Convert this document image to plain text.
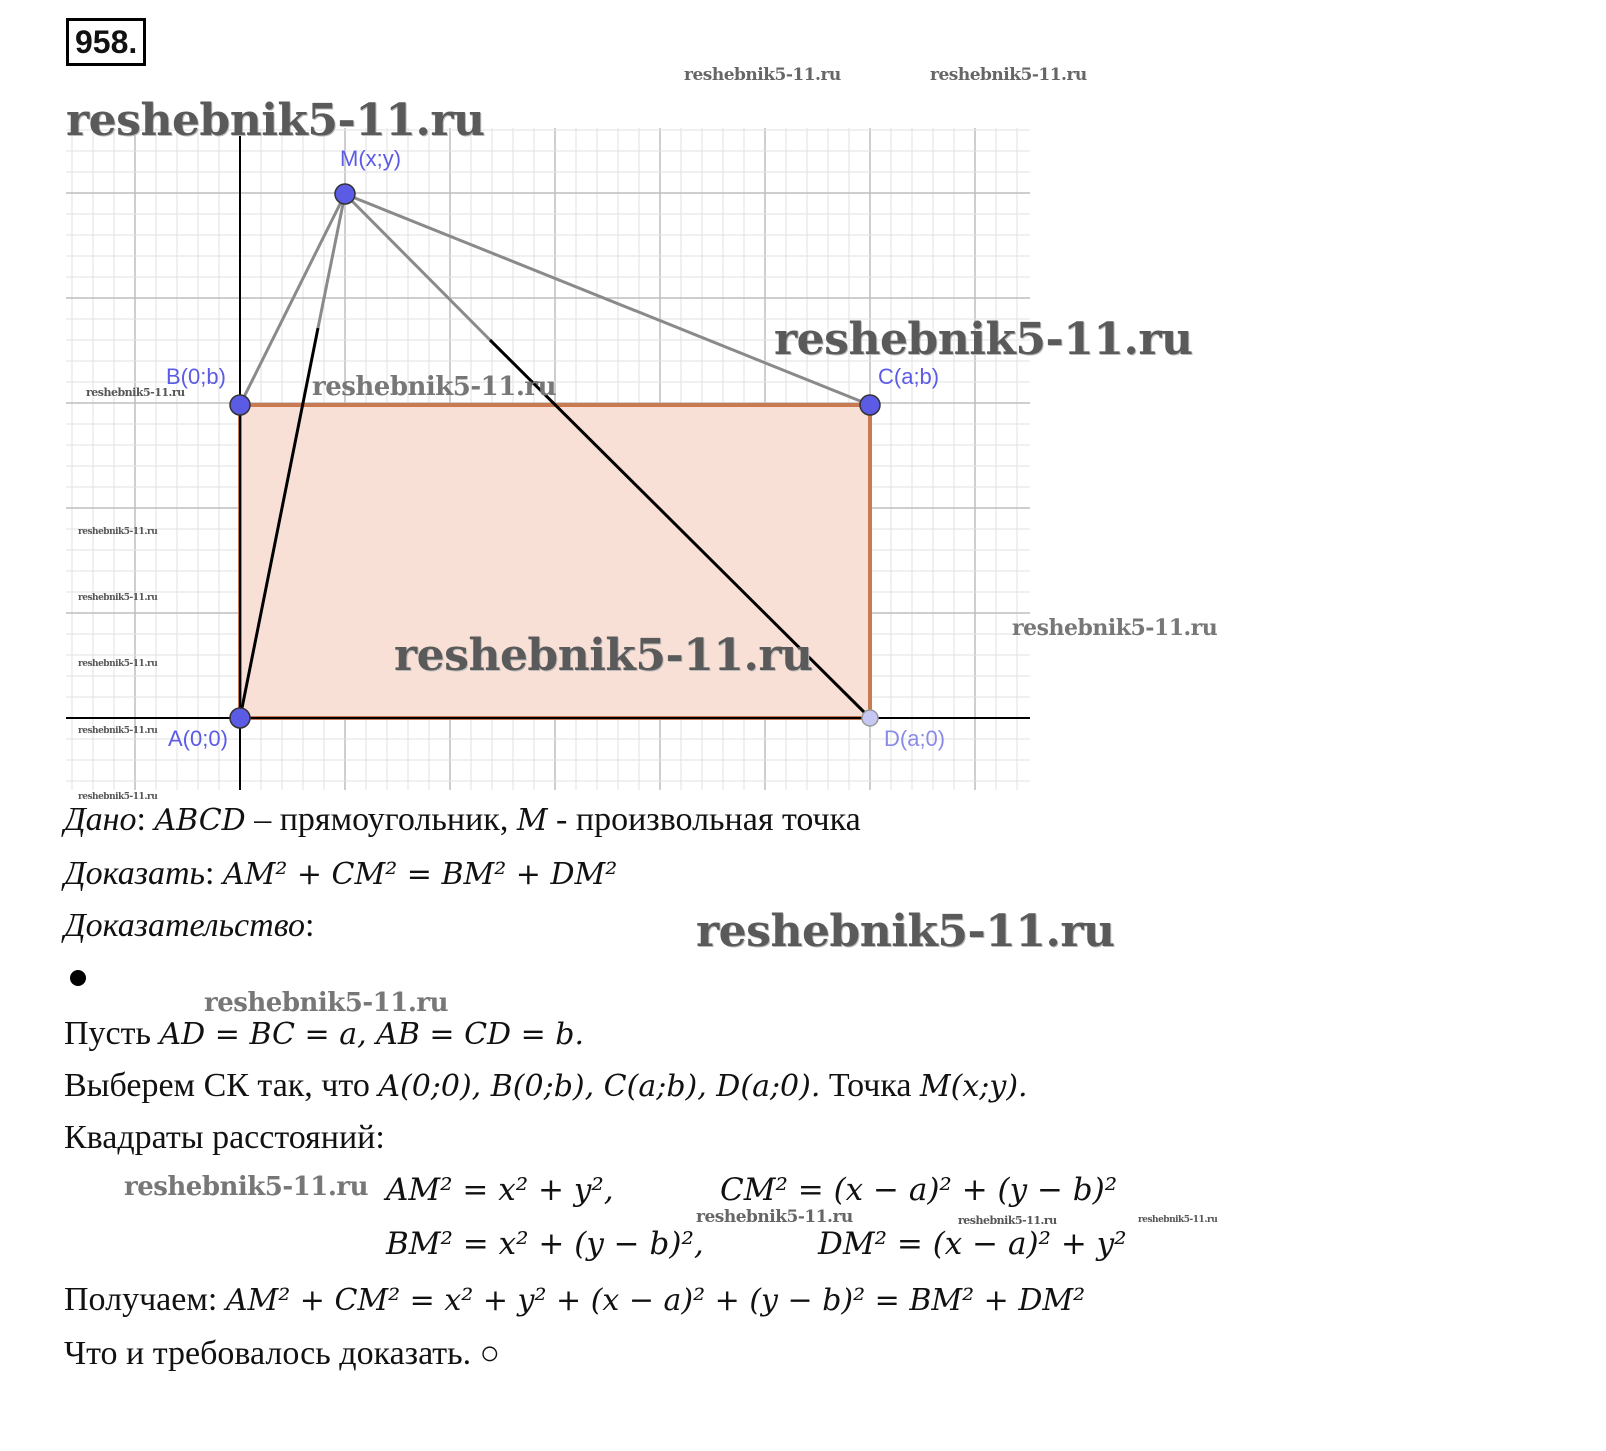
958.
M(x;y)
B(0;b)	C(a;b)
A(0;0)	D(a;0)
reshebnik5-11.ru	reshebnik5-11.ru
reshebnik5-11.ru
reshebnik5-11.ru
reshebnik5-11.ru	reshebnik5-11.ru
reshebnik5-11.ru
reshebnik5-11.ru
reshebnik5-11.ru
reshebnik5-11.ru	reshebnik5-11.ru
reshebnik5-11.ru
reshebnik5-11.ru
reshebnik5-11.ru
reshebnik5-11.ru
reshebnik5-11.ru
reshebnik5-11.ru	reshebnik5-11.ru	reshebnik5-11.ru
Дано: ABCD – прямоугольник, M - произвольная точка
Доказать: AM² + CM² = BM² + DM²
Доказательство:
Пусть AD = BC = a, AB = CD = b.
Выберем СК так, что A(0;0), B(0;b), C(a;b), D(a;0). Точка M(x;y).
Квадраты расстояний:
AM² = x² + y²,	CM² = (x − a)² + (y − b)²
BM² = x² + (y − b)²,	DM² = (x − a)² + y²
Получаем: AM² + CM² = x² + y² + (x − a)² + (y − b)² = BM² + DM²
Что и требовалось доказать. ○
